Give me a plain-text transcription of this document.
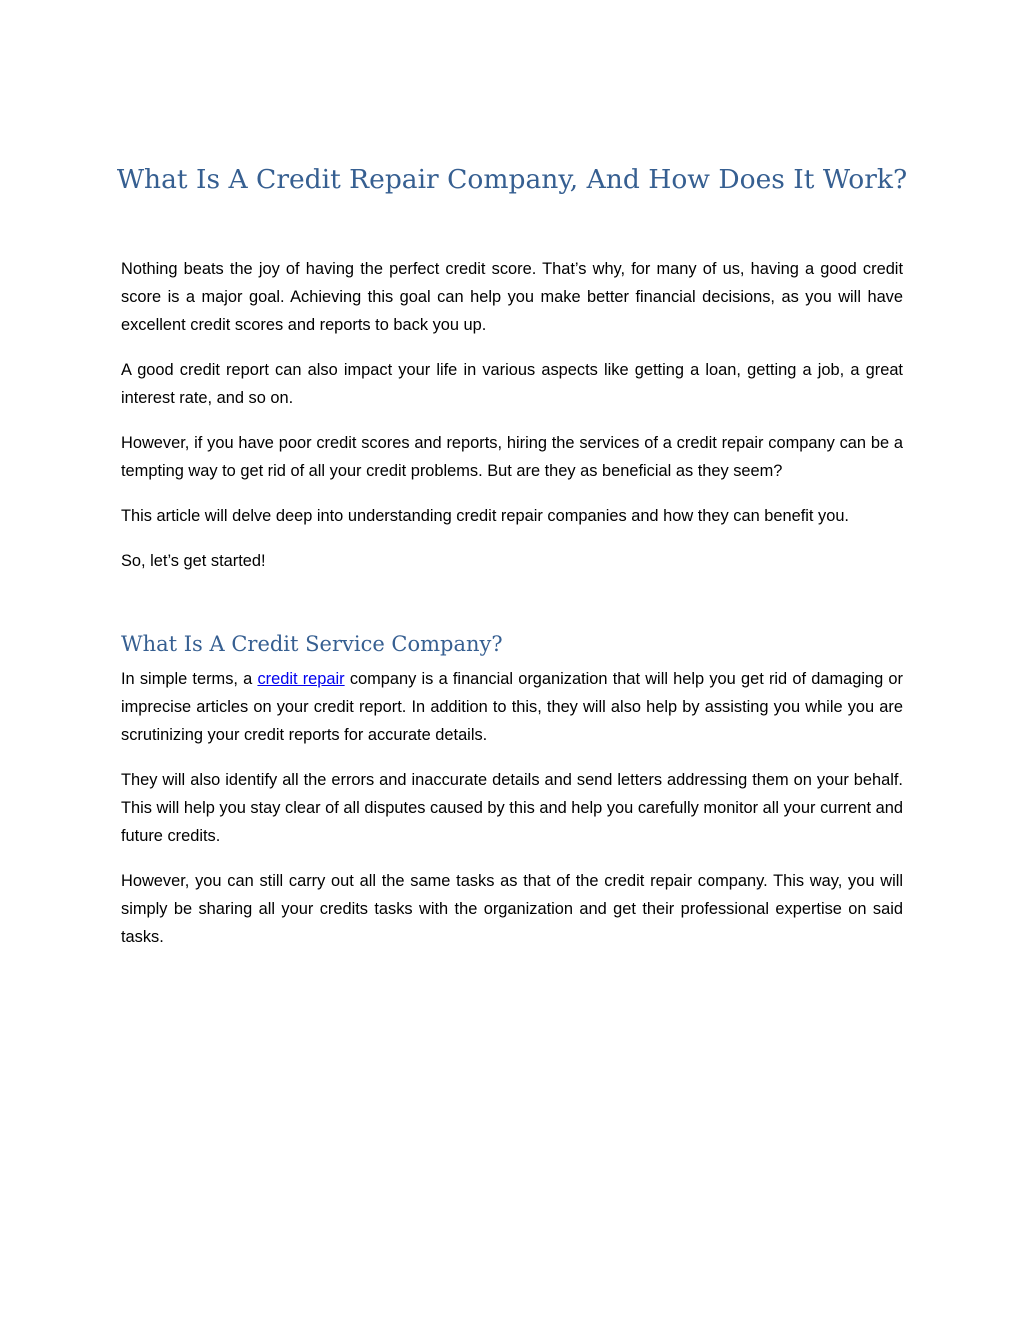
What Is A Credit Repair Company, And How Does It Work?

Nothing beats the joy of having the perfect credit score. That’s why, for many of us, having a good credit score is a major goal. Achieving this goal can help you make better financial decisions, as you will have excellent credit scores and reports to back you up.

A good credit report can also impact your life in various aspects like getting a loan, getting a job, a great interest rate, and so on.

However, if you have poor credit scores and reports, hiring the services of a credit repair company can be a tempting way to get rid of all your credit problems. But are they as beneficial as they seem?

This article will delve deep into understanding credit repair companies and how they can benefit you.

So, let’s get started!

What Is A Credit Service Company?

In simple terms, a credit repair company is a financial organization that will help you get rid of damaging or imprecise articles on your credit report. In addition to this, they will also help by assisting you while you are scrutinizing your credit reports for accurate details.

They will also identify all the errors and inaccurate details and send letters addressing them on your behalf. This will help you stay clear of all disputes caused by this and help you carefully monitor all your current and future credits.

However, you can still carry out all the same tasks as that of the credit repair company. This way, you will simply be sharing all your credits tasks with the organization and get their professional expertise on said tasks.
